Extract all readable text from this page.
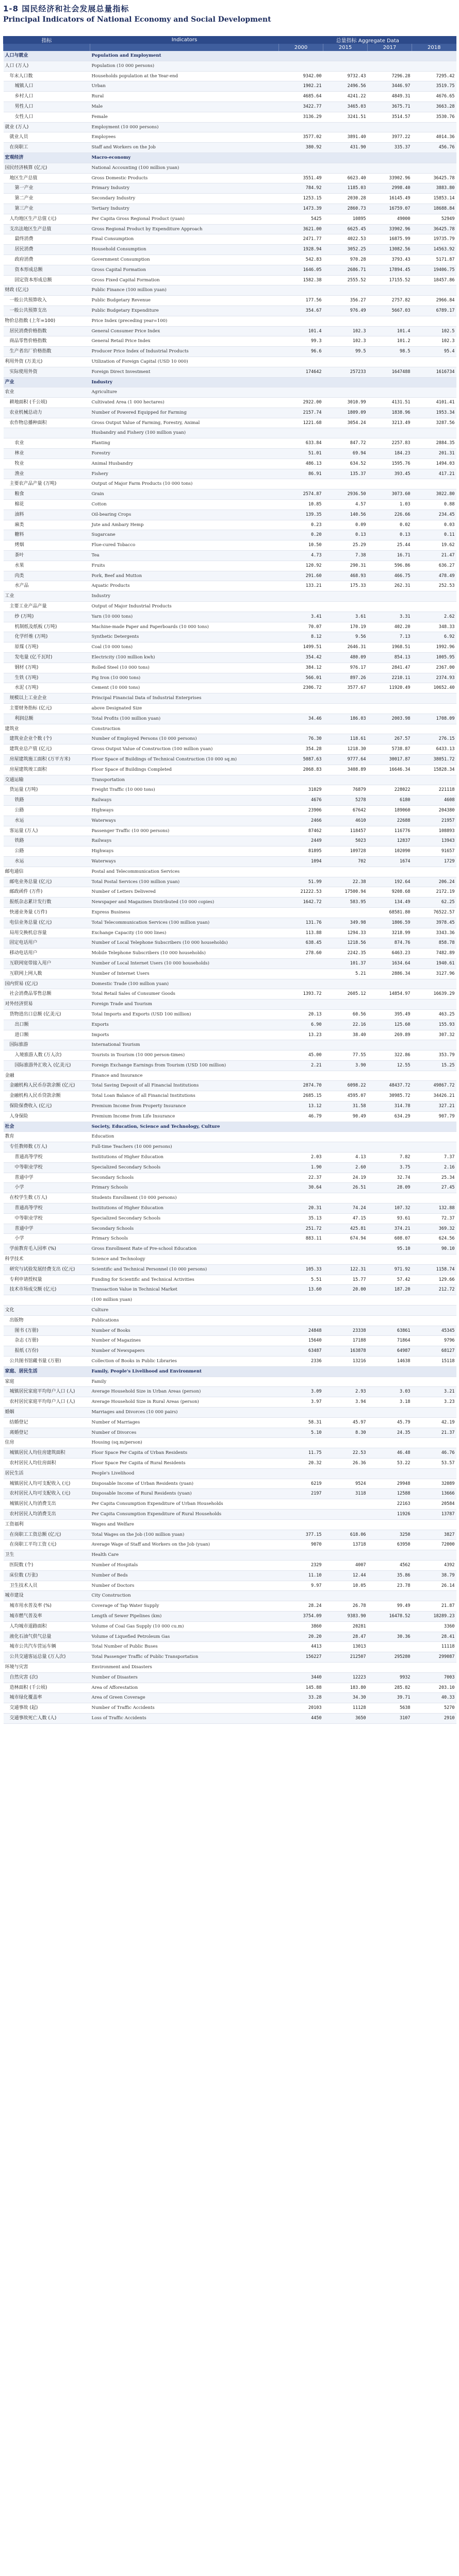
1-8 国民经济和社会发展总量指标
Principal Indicators of National Economy and Social Development
指标	Indicators	总量指标 Aggregate Data			
		2000	2015	2017	2018
人口与就业	Population and Employment				
人口 (万人)	Population (10 000 persons)				
年末人口数	Households population at the Year-end	9342.00	9732.43	7296.28	7295.42
城镇人口	Urban	1902.21	2496.56	3446.97	3519.75
乡村人口	Rural	4685.64	4241.22	4849.31	4676.65
男性人口	Male	3422.77	3465.03	3675.71	3663.28
女性人口	Female	3136.29	3241.51	3514.57	3530.76
就业 (万人)	Employment (10 000 persons)				
就业人员	Employees	3577.02	3891.40	3977.22	4014.36
在岗职工	Staff and Workers on the Job	380.92	431.90	335.37	456.76
宏观经济	Macro-economy				
国民经济核算 (亿元)	National Accounting (100 million yuan)				
地区生产总值	Gross Domestic Products	3551.49	6623.40	33902.96	36425.78
第一产业	Primary Industry	784.92	1185.03	2998.40	3883.80
第二产业	Secondary Industry	1253.15	2030.28	16145.49	15853.14
第三产业	Tertiary Industry	1473.39	2860.73	16759.07	18688.84
人均地区生产总值 (元)	Per Capita Gross Regional Product (yuan)	5425	10895	49000	52949
支出法地区生产总值	Gross Regional Product by Expenditure Approach	3621.00	6625.45	33902.96	36425.78
最终消费	Final Consumption	2471.77	4022.53	16875.99	19735.79
居民消费	Household Consumption	1928.94	3052.25	13082.56	14563.92
政府消费	Government Consumption	542.83	970.28	3793.43	5171.87
资本形成总额	Gross Capital Formation	1646.05	2686.71	17894.45	19406.75
固定资本形成总额	Gross Fixed Capital Formation	1582.38	2555.52	17155.52	18457.86
财政 (亿元)	Public Finance (100 million yuan)				
一般公共预算收入	Public Budgetary Revenue	177.56	356.27	2757.82	2966.84
一般公共预算支出	Public Budgetary Expenditure	354.67	976.49	5667.03	6789.17
物价总指数 (上年=100)	Price Index (preceding year=100)				
居民消费价格指数	General Consumer Price Index	101.4	102.3	101.4	102.5
商品零售价格指数	General Retail Price Index	99.3	102.3	101.2	102.3
生产者出厂价格指数	Producer Price Index of Industrial Products	96.6	99.5	98.5	95.4
利用外资 (万美元)	Utilization of Foreign Capital (USD 10 000)				
实际使用外资	Foreign Direct Investment	174642	257233	1647488	1616734
产业	Industry				
农业	Agriculture				
耕地面积 (千公顷)	Cultivated Area (1 000 hectares)	2922.00	3010.99	4131.51	4101.41
农业机械总动力	Number of Powered Equipped for Farming	2157.74	1809.09	1838.96	1953.34
农作物总播种面积	Gross Output Value of Farming, Forestry, Animal	1221.68	3054.24	3213.49	3287.56
	Husbandry and Fishery (100 million yuan)				
农业	Planting	633.84	847.72	2257.83	2884.35
林业	Forestry	51.01	69.94	184.23	201.31
牧业	Animal Husbandry	486.13	634.52	1595.76	1494.03
渔业	Fishery	86.91	135.37	393.45	417.21
主要农产品产量 (万吨)	Output of Major Farm Products (10 000 tons)				
粮食	Grain	2574.87	2936.50	3073.60	3022.80
棉花	Cotton	10.85	4.57	1.03	0.88
油料	Oil-bearing Crops	139.35	140.56	226.66	234.45
麻类	Jute and Ambary Hemp	0.23	0.09	0.02	0.03
糖料	Sugarcane	0.20	0.13	0.13	0.11
烤烟	Flue-cured Tobacco	10.50	25.29	25.44	19.62
茶叶	Tea	4.73	7.38	16.71	21.47
水果	Fruits	120.92	290.31	596.86	636.27
肉类	Pork, Beef and Mutton	291.60	468.93	466.75	478.49
水产品	Aquatic Products	133.21	175.33	262.31	252.53
工业	Industry				
主要工业产品产量	Output of Major Industrial Products				
纱 (万吨)	Yarn (10 000 tons)	3.41	3.61	3.31	2.62
机制纸及纸板 (万吨)	Machine-made Paper and Paperboards (10 000 tons)	70.07	170.19	402.20	348.33
化学纤维 (万吨)	Synthetic Detergents	8.12	9.56	7.13	6.92
原煤 (万吨)	Coal (10 000 tons)	1499.51	2646.31	1968.51	1992.96
发电量 (亿千瓦时)	Electricity (100 million kwh)	354.42	480.09	854.13	1005.95
钢材 (万吨)	Rolled Steel (10 000 tons)	384.12	976.17	2841.47	2367.00
生铁 (万吨)	Pig Iron (10 000 tons)	566.01	897.26	2210.11	2374.93
水泥 (万吨)	Cement (10 000 tons)	2306.72	3577.67	11920.49	10652.40
规模以上工业企业	Principal Financial Data of Industrial Enterprises				
主要财务指标 (亿元)	above Designated Size				
利润总额	Total Profits (100 million yuan)	34.46	186.03	2003.98	1708.09
建筑业	Construction				
建筑业企业个数 (个)	Number of Employed Persons (10 000 persons)	76.30	118.61	267.57	276.15
建筑业总产值 (亿元)	Gross Output Value of Construction (100 million yuan)	354.28	1218.30	5738.87	6433.13
房屋建筑施工面积 (万平方米)	Floor Space of Buildings of Technical Construction (10 000 sq.m)	5087.63	9777.64	30017.87	38051.72
房屋建筑竣工面积	Floor Space of Buildings Completed	2068.83	3408.89	16646.34	15828.34
交通运输	Transportation				
货运量 (万吨)	Freight Traffic (10 000 tons)	31029	76879	228022	221118
铁路	Railways	4676	5278	6180	4608
公路	Highways	23906	67642	189060	204380
水运	Waterways	2466	4610	22688	21957
客运量 (万人)	Passenger Traffic (10 000 persons)	87462	118457	116776	108893
铁路	Railways	2449	5023	12837	13943
公路	Highways	81895	109728	102090	91657
水运	Waterways	1094	702	1674	1729
邮电通信	Postal and Telecommunication Services				
邮电业务总量 (亿元)	Total Postal Services (100 million yuan)	51.99	22.38	192.64	206.24
邮政函件 (万件)	Number of Letters Delivered	21222.53	17500.94	9208.68	2172.19
报纸杂志累计发行数	Newspaper and Magazines Distributed (10 000 copies)	1642.72	583.95	134.49	62.25
快递业务量 (万件)	Express Business			68581.80	76522.57
电信业务总量 (亿元)	Total Telecommunication Services (100 million yuan)	131.76	349.98	1806.59	3978.45
局用交换机总容量	Exchange Capacity (10 000 lines)	113.88	1294.33	3218.99	3343.36
固定电话用户	Number of Local Telephone Subscribers (10 000 households)	638.45	1218.56	874.76	858.78
移动电话用户	Mobile Telephone Subscribers (10 000 households)	278.60	2242.35	6463.23	7482.89
互联网宽带接入用户	Number of Local Internet Users (10 000 households)		101.37	1634.64	1940.61
互联网上网人数	Number of Internet Users		5.21	2886.34	3127.96
国内贸易 (亿元)	Domestic Trade (100 million yuan)				
社会消费品零售总额	Total Retail Sales of Consumer Goods	1393.72	2605.12	14854.97	16639.29
对外经济贸易	Foreign Trade and Tourism				
货物进出口总额 (亿美元)	Total Imports and Exports (USD 100 million)	20.13	60.56	395.49	463.25
出口额	Exports	6.90	22.16	125.60	155.93
进口额	Imports	13.23	38.40	269.89	307.32
国际旅游	International Tourism				
入境旅游人数 (万人次)	Tourists in Tourism (10 000 person-times)	45.00	77.55	322.86	353.79
国际旅游外汇收入 (亿美元)	Foreign Exchange Earnings from Tourism (USD 100 million)	2.21	3.90	12.55	15.25
金融	Finance and Insurance				
金融机构人民币存款余额 (亿元)	Total Saving Deposit of all Financial Institutions	2874.70	6098.22	48437.72	49867.72
金融机构人民币贷款余额	Total Loan Balance of all Financial Institutions	2685.15	4595.07	30985.72	34426.21
保险保费收入 (亿元)	Premium Income from Property Insurance	13.12	31.58	314.78	327.21
人身保险	Premium Income from Life Insurance	46.79	90.49	634.29	907.79
社会	Society, Education, Science and Technology, Culture				
教育	Education				
专任教师数 (万人)	Full-time Teachers (10 000 persons)				
普通高等学校	Institutions of Higher Education	2.03	4.13	7.82	7.37
中等职业学校	Specialized Secondary Schools	1.90	2.60	3.75	2.16
普通中学	Secondary Schools	22.37	24.19	32.74	25.34
小学	Primary Schools	30.64	26.51	28.09	27.45
在校学生数 (万人)	Students Enrollment (10 000 persons)				
普通高等学校	Institutions of Higher Education	20.31	74.24	107.32	132.88
中等职业学校	Specialized Secondary Schools	35.13	47.15	93.61	72.37
普通中学	Secondary Schools	251.72	425.81	374.21	369.32
小学	Primary Schools	883.11	674.94	608.07	624.56
学前教育毛入园率 (%)	Gross Enrollment Rate of Pre-school Education			95.10	90.10
科学技术	Science and Technology				
研究与试验发展经费支出 (亿元)	Scientific and Technical Personnel (10 000 persons)	105.33	122.31	971.92	1158.74
专利申请授权量	Funding for Scientific and Technical Activities	5.51	15.77	57.42	129.66
技术市场成交额 (亿元)	Transaction Value in Technical Market	13.60	20.00	187.20	212.72
	(100 million yuan)				
文化	Culture				
出版物	Publications				
图书 (万册)	Number of Books	24848	23338	63861	45345
杂志 (万册)	Number of Magazines	15640	17188	71864	9796
报纸 (万份)	Number of Newspapers	63487	163878	64987	68127
公共图书馆藏书量 (万册)	Collection of Books in Public Libraries	2336	13216	14638	15118
家庭、居民生活	Family, People's Livelihood and Environment				
家庭	Family				
城镇居民家庭平均每户人口 (人)	Average Household Size in Urban Areas (person)	3.09	2.93	3.03	3.21
农村居民家庭平均每户人口 (人)	Average Household Size in Rural Areas (person)	3.97	3.94	3.18	3.23
婚姻	Marriages and Divorces (10 000 pairs)				
结婚登记	Number of Marriages	58.31	45.97	45.79	42.19
离婚登记	Number of Divorces	5.10	8.30	24.35	21.37
住房	Housing (sq.m/person)				
城镇居民人均住房建筑面积	Floor Space Per Capita of Urban Residents	11.75	22.53	46.48	46.76
农村居民人均住房面积	Floor Space Per Capita of Rural Residents	20.32	26.36	53.22	53.57
居民生活	People's Livelihood				
城镇居民人均可支配收入 (元)	Disposable Income of Urban Residents (yuan)	6219	9524	29948	32089
农村居民人均可支配收入 (元)	Disposable Income of Rural Residents (yuan)	2197	3118	12588	13666
城镇居民人均消费支出	Per Capita Consumption Expenditure of Urban Households			22163	20584
农村居民人均消费支出	Per Capita Consumption Expenditure of Rural Households			11926	13787
工资福利	Wages and Welfare				
在岗职工工资总额 (亿元)	Total Wages on the Job (100 million yuan)	377.15	618.06	3250	3827
在岗职工平均工资 (元)	Average Wage of Staff and Workers on the Job (yuan)	9070	13718	63950	72000
卫生	Health Care				
医院数 (个)	Number of Hospitals	2329	4007	4562	4392
床位数 (万张)	Number of Beds	11.10	12.44	35.86	38.79
卫生技术人员	Number of Doctors	9.97	10.05	23.78	26.14
城市建设	City Construction				
城市用水普及率 (%)	Coverage of Tap Water Supply	28.24	26.78	99.49	21.87
城市燃气普及率	Length of Sewer Pipelines (km)	3754.09	9383.90	16478.52	18289.23
人均城市道路面积	Volume of Coal Gas Supply (10 000 cu.m)	3860	20281		3360
液化石油气供气总量	Volume of Liquefied Petroleum Gas	20.20	28.47	30.36	28.41
城市公共汽车营运车辆	Total Number of Public Buses	4413	13013		11118
公共交通客运总量 (万人次)	Total Passenger Traffic of Public Transportation	156227	212507	295280	299087
环境与灾害	Environment and Disasters				
自然灾害 (次)	Number of Disasters	3440	12223	9932	7003
造林面积 (千公顷)	Area of Afforestation	145.88	183.80	285.82	203.10
城市绿化覆盖率	Area of Green Coverage	33.28	34.30	39.71	40.33
交通事故 (起)	Number of Traffic Accidents	20103	11128	5638	5270
交通事故死亡人数 (人)	Loss of Traffic Accidents	4450	3650	3107	2910
